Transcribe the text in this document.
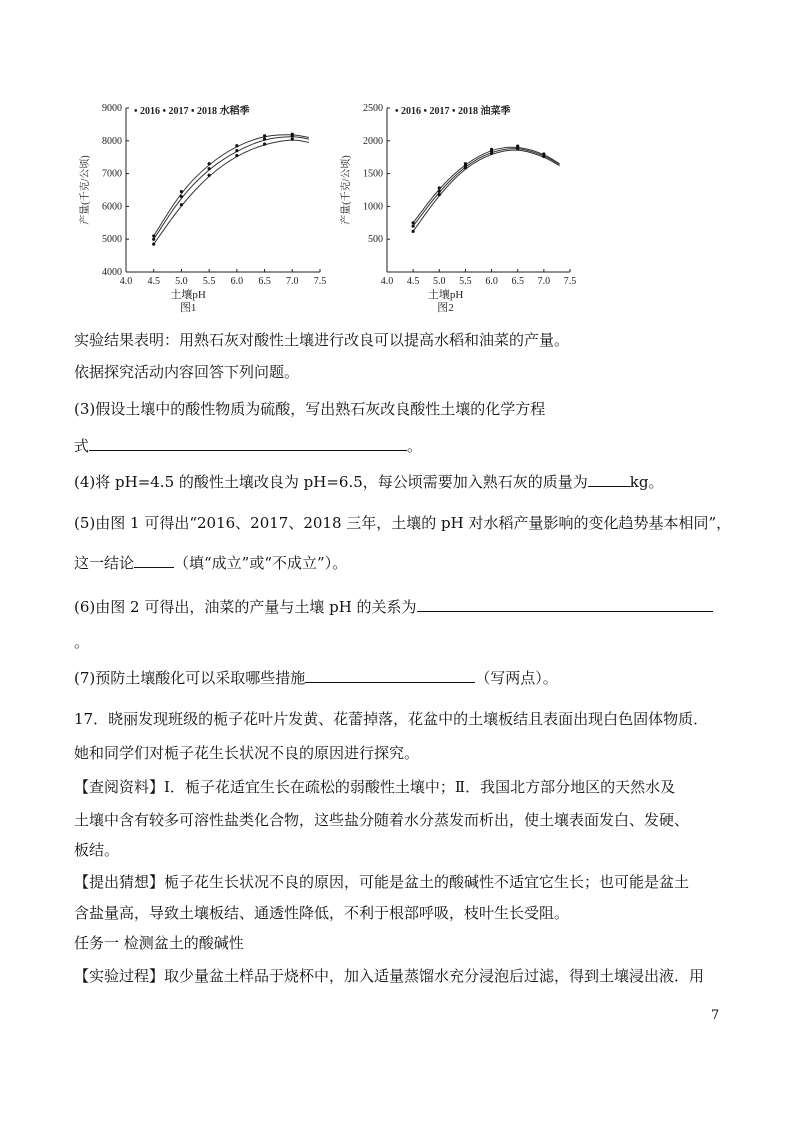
4.0 4.5 5.0 5.5 6.0 6.5 7.0 7.5
4000
5000
6000
7000
8000
9000 • 2016 • 2017 • 2018 水稻季
土壤pH
图1
产量(千克/公顷)
4.0 4.5 5.0 5.5 6.0 6.5 7.0 7.5
500
1000
1500
2000
2500 • 2016 • 2017 • 2018 油菜季
土壤pH
图2
产量(千克/公顷)
实验结果表明：用熟石灰对酸性土壤进行改良可以提高水稻和油菜的产量。
依据探究活动内容回答下列问题。
(3)假设土壤中的酸性物质为硫酸，写出熟石灰改良酸性土壤的化学方程
式	。
(4)将 pH=4.5 的酸性土壤改良为 pH=6.5，每公顷需要加入熟石灰的质量为	kg。
(5)由图 1 可得出“2016、2017、2018 三年，土壤的 pH 对水稻产量影响的变化趋势基本相同”，
这一结论	（填“成立”或“不成立”）。
(6)由图 2 可得出，油菜的产量与土壤 pH 的关系为
。
(7)预防土壤酸化可以采取哪些措施	（写两点）。
17．晓丽发现班级的栀子花叶片发黄、花蕾掉落，花盆中的土壤板结且表面出现白色固体物质．
她和同学们对栀子花生长状况不良的原因进行探究。
【查阅资料】Ⅰ．栀子花适宜生长在疏松的弱酸性土壤中；Ⅱ．我国北方部分地区的天然水及
土壤中含有较多可溶性盐类化合物，这些盐分随着水分蒸发而析出，使土壤表面发白、发硬、
板结。
【提出猜想】栀子花生长状况不良的原因，可能是盆土的酸碱性不适宜它生长；也可能是盆土
含盐量高，导致土壤板结、通透性降低，不利于根部呼吸，枝叶生长受阻。
任务一 检测盆土的酸碱性
【实验过程】取少量盆土样品于烧杯中，加入适量蒸馏水充分浸泡后过滤，得到土壤浸出液．用
7
